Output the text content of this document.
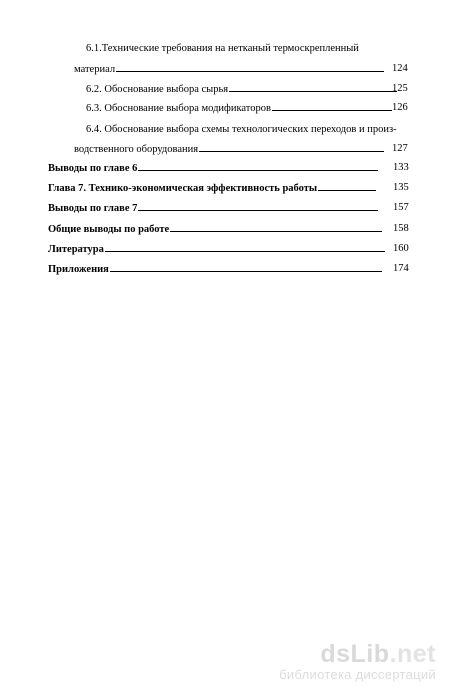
6.1.Технические требования на нетканый термоскрепленный
материал	124
6.2. Обоснование выбора сырья	125
6.3. Обоснование выбора модификаторов	126
6.4. Обоснование выбора схемы технологических переходов и произ-
водственного оборудования	127
Выводы по главе 6	133
Глава 7. Технико-экономическая эффективность работы	135
Выводы по главе 7	157
Общие выводы по работе	158
Литература	160
Приложения	174
dsLib.net
библиотека диссертаций
